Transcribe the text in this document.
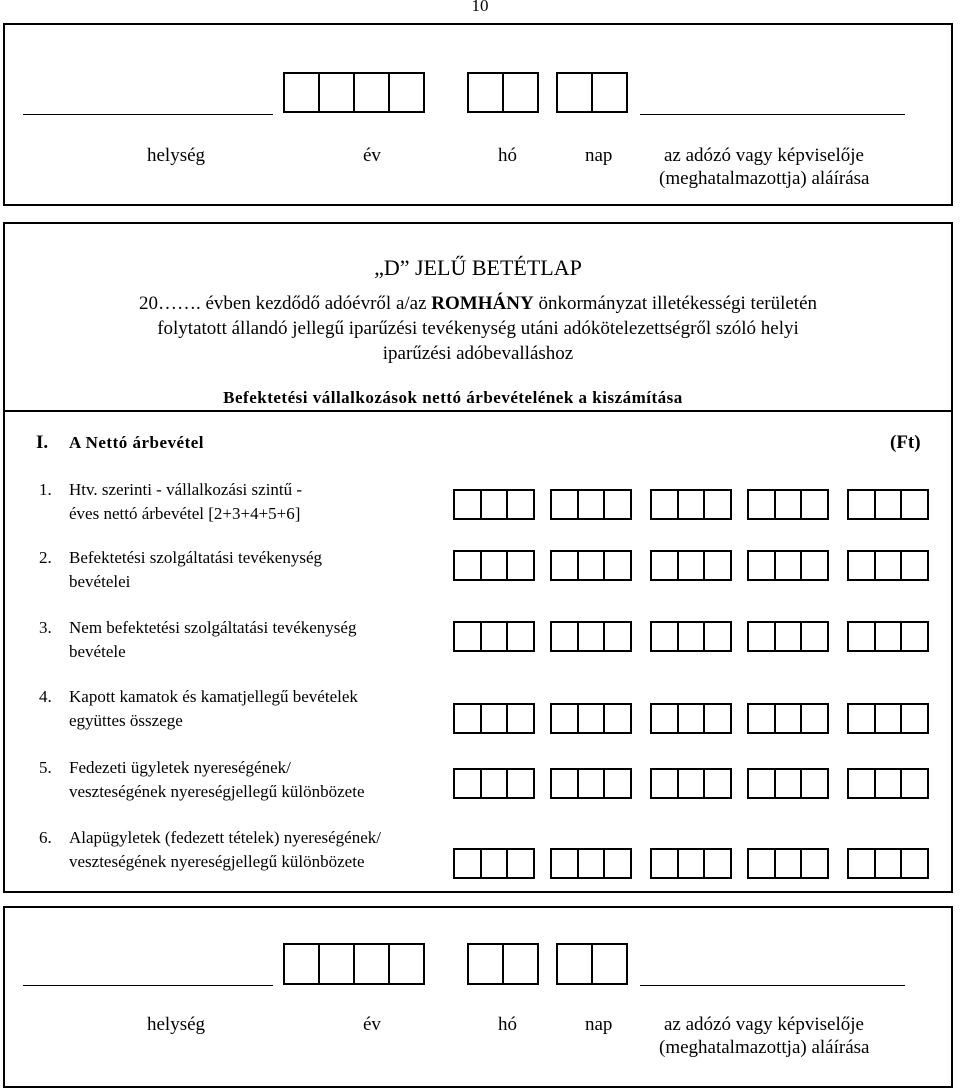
10
helység	év	hó	nap	az adózó vagy képviselője
(meghatalmazottja) aláírása
„D” JELŰ BETÉTLAP
20……. évben kezdődő adóévről a/az ROMHÁNY önkormányzat illetékességi területén
folytatott állandó jellegű iparűzési tevékenység utáni adókötelezettségről szóló helyi
iparűzési adóbevalláshoz
Befektetési vállalkozások nettó árbevételének a kiszámítása
I. A Nettó árbevétel	(Ft)
1. Htv. szerinti - vállalkozási szintű -
éves nettó árbevétel [2+3+4+5+6]
2. Befektetési szolgáltatási tevékenység
bevételei
3. Nem befektetési szolgáltatási tevékenység
bevétele
4. Kapott kamatok és kamatjellegű bevételek
együttes összege
5. Fedezeti ügyletek nyereségének/
veszteségének nyereségjellegű különbözete
6. Alapügyletek (fedezett tételek) nyereségének/
veszteségének nyereségjellegű különbözete
helység	év	hó	nap	az adózó vagy képviselője
(meghatalmazottja) aláírása
